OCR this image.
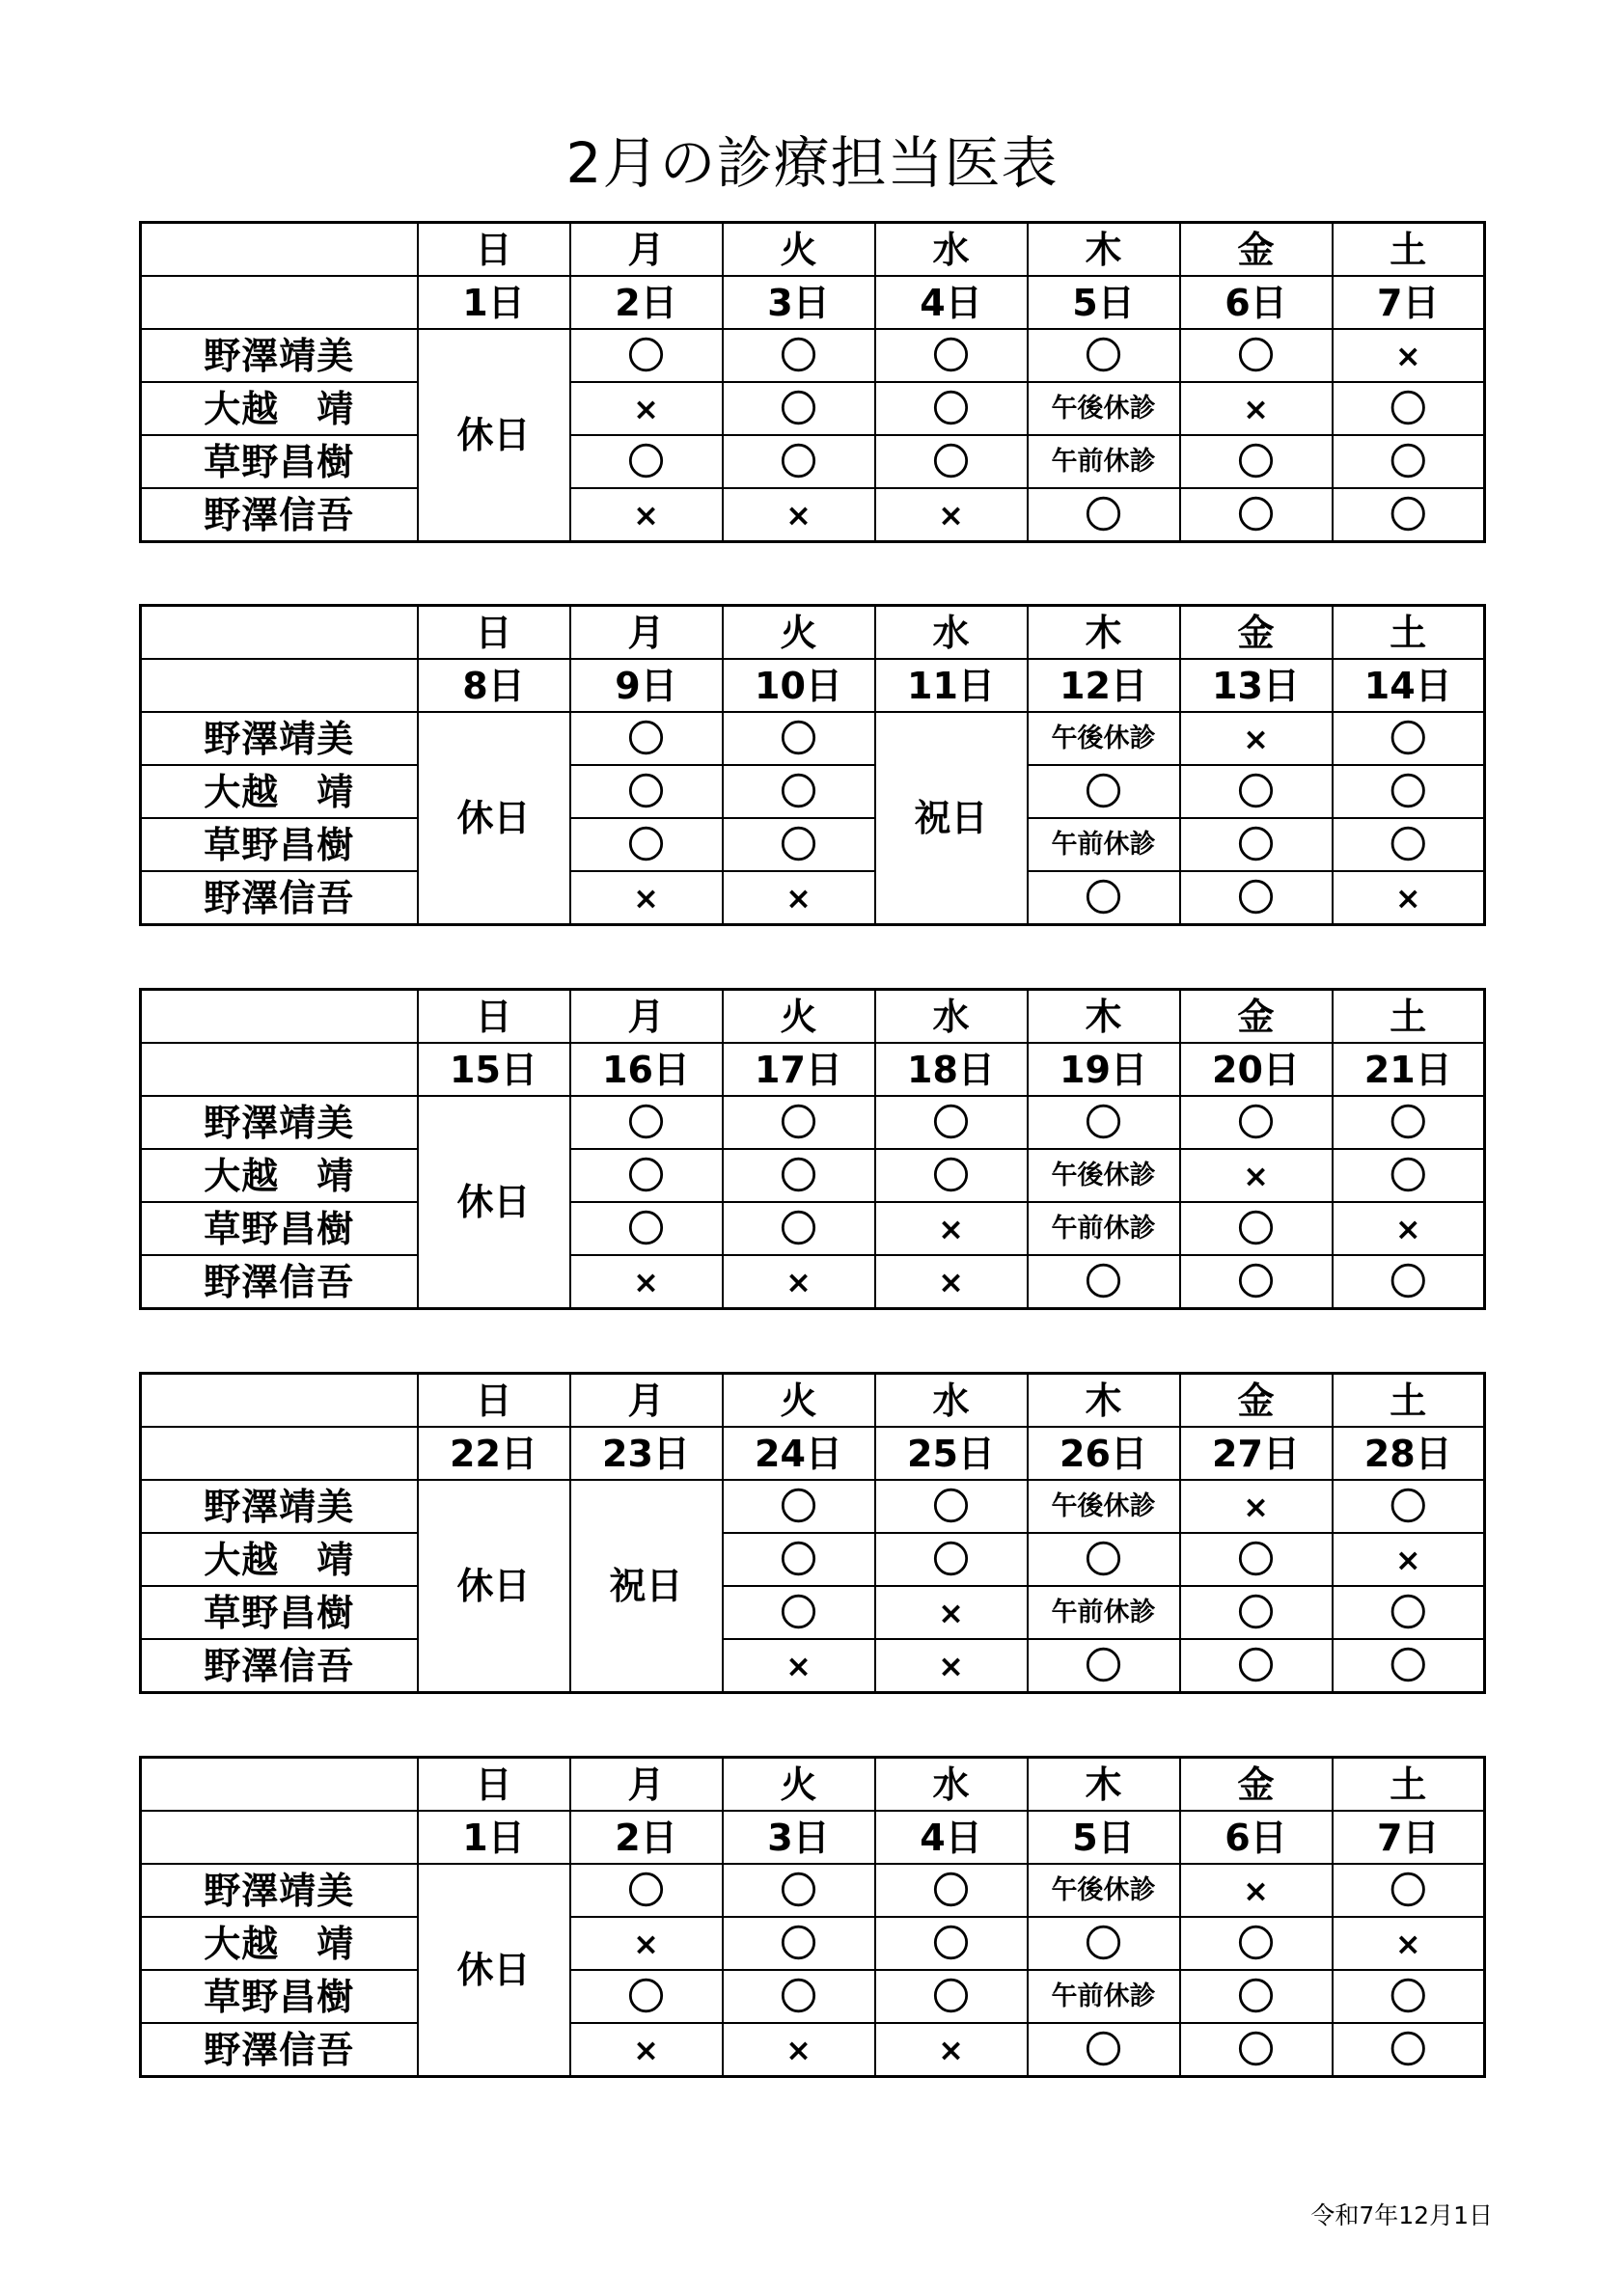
2月の診療担当医表
	日	月	火	水	木	金	土
	1日	2日	3日	4日	5日	6日	7日
野澤靖美	休日	〇	〇	〇	〇	〇	×
大越　靖		×	〇	〇	午後休診	×	〇
草野昌樹		〇	〇	〇	午前休診	〇	〇
野澤信吾		×	×	×	〇	〇	〇
	日	月	火	水	木	金	土
	8日	9日	10日	11日	12日	13日	14日
野澤靖美	休日	〇	〇	祝日	午後休診	×	〇
大越　靖		〇	〇		〇	〇	〇
草野昌樹		〇	〇		午前休診	〇	〇
野澤信吾		×	×		〇	〇	×
	日	月	火	水	木	金	土
	15日	16日	17日	18日	19日	20日	21日
野澤靖美	休日	〇	〇	〇	〇	〇	〇
大越　靖		〇	〇	〇	午後休診	×	〇
草野昌樹		〇	〇	×	午前休診	〇	×
野澤信吾		×	×	×	〇	〇	〇
	日	月	火	水	木	金	土
	22日	23日	24日	25日	26日	27日	28日
野澤靖美	休日	祝日	〇	〇	午後休診	×	〇
大越　靖			〇	〇	〇	〇	×
草野昌樹			〇	×	午前休診	〇	〇
野澤信吾			×	×	〇	〇	〇
	日	月	火	水	木	金	土
	1日	2日	3日	4日	5日	6日	7日
野澤靖美	休日	〇	〇	〇	午後休診	×	〇
大越　靖		×	〇	〇	〇	〇	×
草野昌樹		〇	〇	〇	午前休診	〇	〇
野澤信吾		×	×	×	〇	〇	〇
令和7年12月1日
